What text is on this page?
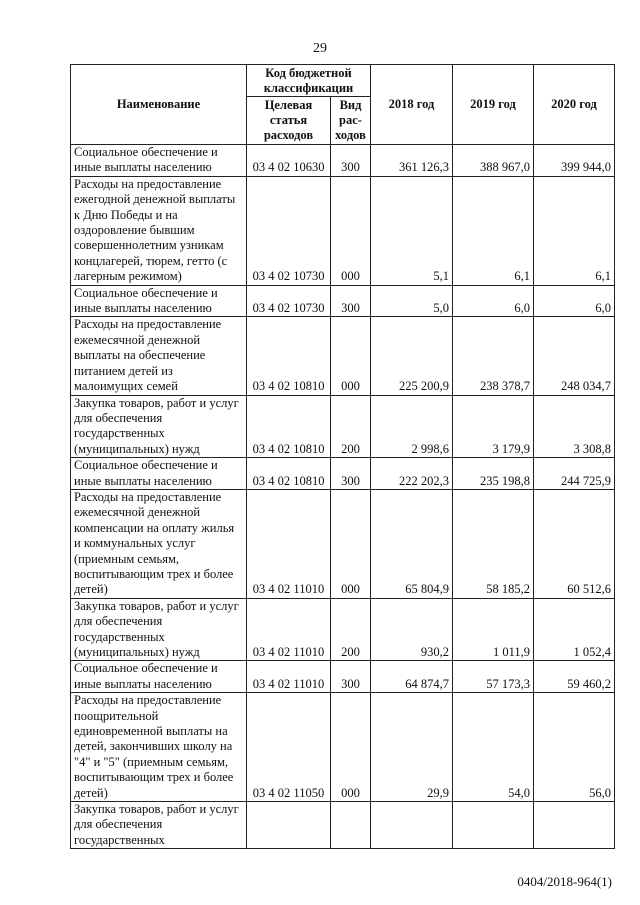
29
Наименование	Код бюджетной классификации		2018 год	2019 год	2020 год
	Целевая статья расходов	Вид рас-ходов			
Социальное обеспечение и иные выплаты населению	03 4 02 10630	300	361 126,3	388 967,0	399 944,0
Расходы на предоставление ежегодной денежной выплаты к Дню Победы и на оздоровление бывшим совершеннолетним узникам концлагерей, тюрем, гетто (с лагерным режимом)	03 4 02 10730	000	5,1	6,1	6,1
Социальное обеспечение и иные выплаты населению	03 4 02 10730	300	5,0	6,0	6,0
Расходы на предоставление ежемесячной денежной выплаты на обеспечение питанием детей из малоимущих семей	03 4 02 10810	000	225 200,9	238 378,7	248 034,7
Закупка товаров, работ и услуг для обеспечения государственных (муниципальных) нужд	03 4 02 10810	200	2 998,6	3 179,9	3 308,8
Социальное обеспечение и иные выплаты населению	03 4 02 10810	300	222 202,3	235 198,8	244 725,9
Расходы на предоставление ежемесячной денежной компенсации на оплату жилья и коммунальных услуг (приемным семьям, воспитывающим трех и более детей)	03 4 02 11010	000	65 804,9	58 185,2	60 512,6
Закупка товаров, работ и услуг для обеспечения государственных (муниципальных) нужд	03 4 02 11010	200	930,2	1 011,9	1 052,4
Социальное обеспечение и иные выплаты населению	03 4 02 11010	300	64 874,7	57 173,3	59 460,2
Расходы на предоставление поощрительной единовременной выплаты на детей, закончивших школу на "4" и "5" (приемным семьям, воспитывающим трех и более детей)	03 4 02 11050	000	29,9	54,0	56,0
Закупка товаров, работ и услуг для обеспечения государственных					
0404/2018-964(1)
